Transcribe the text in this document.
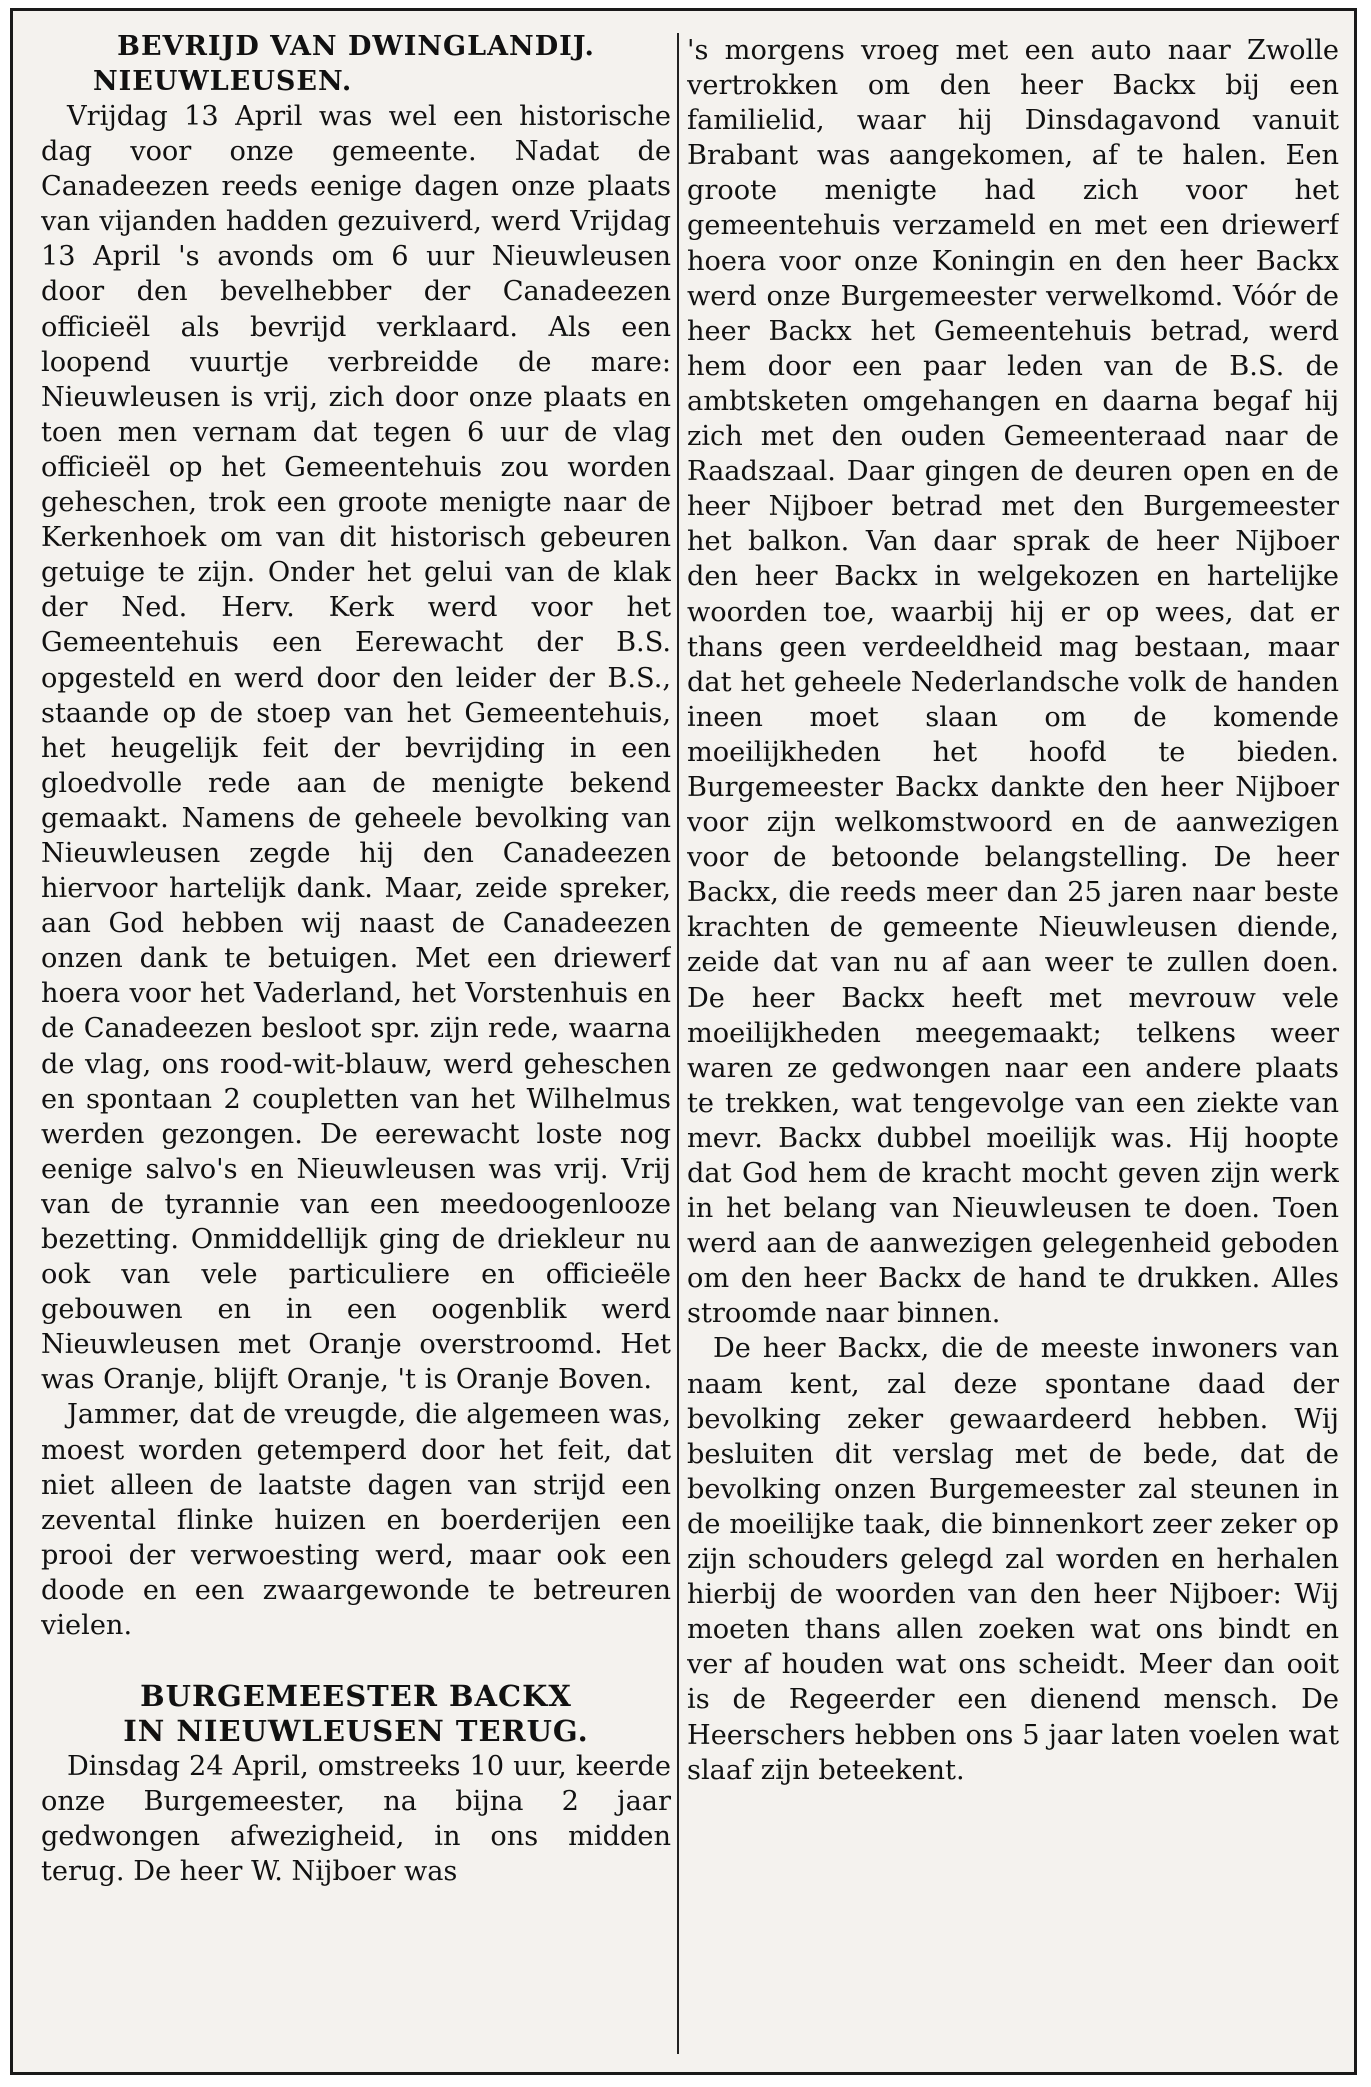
BEVRIJD VAN DWINGLANDIJ.
NIEUWLEUSEN.

Vrijdag 13 April was wel een historische dag voor onze gemeente. Nadat de Canadeezen reeds eenige dagen onze plaats van vijanden hadden gezuiverd, werd Vrijdag 13 April 's avonds om 6 uur Nieuwleusen door den bevelhebber der Canadeezen officieël als bevrijd verklaard. Als een loopend vuurtje verbreidde de mare: Nieuwleusen is vrij, zich door onze plaats en toen men vernam dat tegen 6 uur de vlag officieël op het Gemeentehuis zou worden geheschen, trok een groote menigte naar de Kerkenhoek om van dit historisch gebeuren getuige te zijn. Onder het gelui van de klak der Ned. Herv. Kerk werd voor het Gemeentehuis een Eerewacht der B.S. opgesteld en werd door den leider der B.S., staande op de stoep van het Gemeentehuis, het heugelijk feit der bevrijding in een gloedvolle rede aan de menigte bekend gemaakt. Namens de geheele bevolking van Nieuwleusen zegde hij den Canadeezen hiervoor hartelijk dank. Maar, zeide spreker, aan God hebben wij naast de Canadeezen onzen dank te betuigen. Met een driewerf hoera voor het Vaderland, het Vorstenhuis en de Canadeezen besloot spr. zijn rede, waarna de vlag, ons rood-wit-blauw, werd geheschen en spontaan 2 coupletten van het Wilhelmus werden gezongen. De eerewacht loste nog eenige salvo's en Nieuwleusen was vrij. Vrij van de tyrannie van een meedoogenlooze bezetting. Onmiddellijk ging de driekleur nu ook van vele particuliere en officieële gebouwen en in een oogenblik werd Nieuwleusen met Oranje overstroomd. Het was Oranje, blijft Oranje, 't is Oranje Boven.

Jammer, dat de vreugde, die algemeen was, moest worden getemperd door het feit, dat niet alleen de laatste dagen van strijd een zevental flinke huizen en boerderijen een prooi der verwoesting werd, maar ook een doode en een zwaargewonde te betreuren vielen.

BURGEMEESTER BACKX
IN NIEUWLEUSEN TERUG.

Dinsdag 24 April, omstreeks 10 uur, keerde onze Burgemeester, na bijna 2 jaar gedwongen afwezigheid, in ons midden terug. De heer W. Nijboer was

's morgens vroeg met een auto naar Zwolle vertrokken om den heer Backx bij een familielid, waar hij Dinsdagavond vanuit Brabant was aangekomen, af te halen. Een groote menigte had zich voor het gemeentehuis verzameld en met een driewerf hoera voor onze Koningin en den heer Backx werd onze Burgemeester verwelkomd. Vóór de heer Backx het Gemeentehuis betrad, werd hem door een paar leden van de B.S. de ambtsketen omgehangen en daarna begaf hij zich met den ouden Gemeenteraad naar de Raadszaal. Daar gingen de deuren open en de heer Nijboer betrad met den Burgemeester het balkon. Van daar sprak de heer Nijboer den heer Backx in welgekozen en hartelijke woorden toe, waarbij hij er op wees, dat er thans geen verdeeldheid mag bestaan, maar dat het geheele Nederlandsche volk de handen ineen moet slaan om de komende moeilijkheden het hoofd te bieden. Burgemeester Backx dankte den heer Nijboer voor zijn welkomstwoord en de aanwezigen voor de betoonde belangstelling. De heer Backx, die reeds meer dan 25 jaren naar beste krachten de gemeente Nieuwleusen diende, zeide dat van nu af aan weer te zullen doen. De heer Backx heeft met mevrouw vele moeilijkheden meegemaakt; telkens weer waren ze gedwongen naar een andere plaats te trekken, wat tengevolge van een ziekte van mevr. Backx dubbel moeilijk was. Hij hoopte dat God hem de kracht mocht geven zijn werk in het belang van Nieuwleusen te doen. Toen werd aan de aanwezigen gelegenheid geboden om den heer Backx de hand te drukken. Alles stroomde naar binnen.

De heer Backx, die de meeste inwoners van naam kent, zal deze spontane daad der bevolking zeker gewaardeerd hebben. Wij besluiten dit verslag met de bede, dat de bevolking onzen Burgemeester zal steunen in de moeilijke taak, die binnenkort zeer zeker op zijn schouders gelegd zal worden en herhalen hierbij de woorden van den heer Nijboer: Wij moeten thans allen zoeken wat ons bindt en ver af houden wat ons scheidt. Meer dan ooit is de Regeerder een dienend mensch. De Heerschers hebben ons 5 jaar laten voelen wat slaaf zijn beteekent.
